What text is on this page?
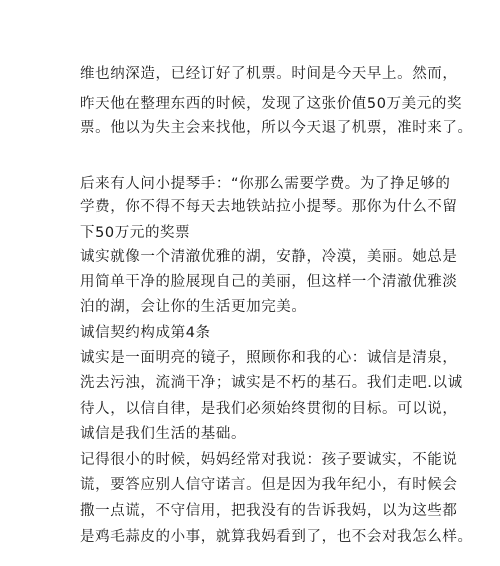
维也纳深造，已经订好了机票。时间是今天早上。然而，
昨天他在整理东西的时候，发现了这张价值50万美元的奖
票。他以为失主会来找他，所以今天退了机票，准时来了。
后来有人问小提琴手：“你那么需要学费。为了挣足够的
学费，你不得不每天去地铁站拉小提琴。那你为什么不留
下50万元的奖票
诚实就像一个清澈优雅的湖，安静，冷漠，美丽。她总是
用简单干净的脸展现自己的美丽，但这样一个清澈优雅淡
泊的湖，会让你的生活更加完美。
诚信契约构成第4条
诚实是一面明亮的镜子，照顾你和我的心：诚信是清泉，
洗去污浊，流淌干净；诚实是不朽的基石。我们走吧.以诚
待人，以信自律，是我们必须始终贯彻的目标。可以说，
诚信是我们生活的基础。
记得很小的时候，妈妈经常对我说：孩子要诚实，不能说
谎，要答应别人信守诺言。但是因为我年纪小，有时候会
撒一点谎，不守信用，把我没有的告诉我妈，以为这些都
是鸡毛蒜皮的小事，就算我妈看到了，也不会对我怎么样。
